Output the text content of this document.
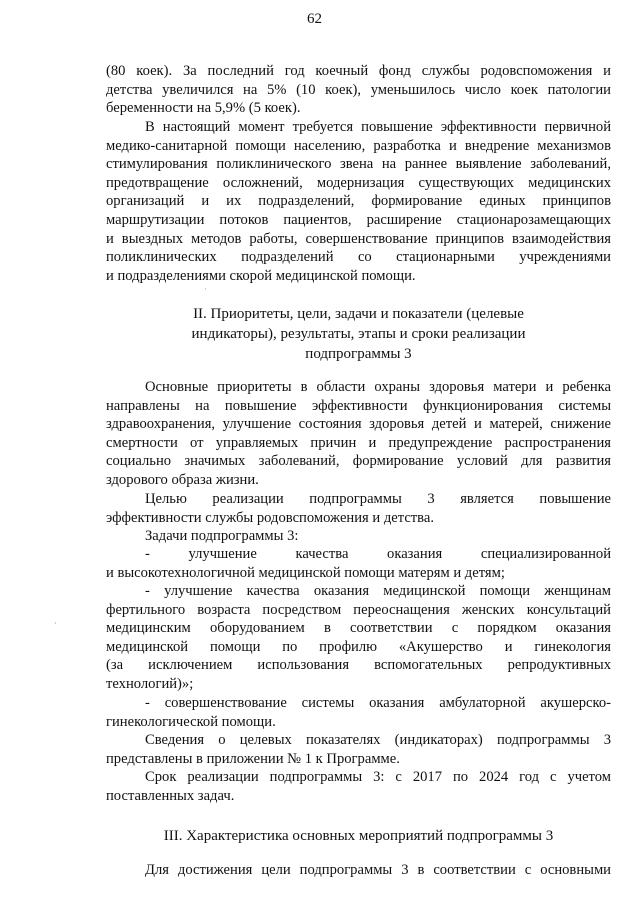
62

(80 коек). За последний год коечный фонд службы родовспоможения и

детства увеличился на 5% (10 коек), уменьшилось число коек патологии

беременности на 5,9% (5 коек).

В настоящий момент требуется повышение эффективности первичной

медико-санитарной помощи населению, разработка и внедрение механизмов

стимулирования поликлинического звена на раннее выявление заболеваний,

предотвращение осложнений, модернизация существующих медицинских

организаций и их подразделений, формирование единых принципов

маршрутизации потоков пациентов, расширение стационарозамещающих

и выездных методов работы, совершенствование принципов взаимодействия

поликлинических подразделений со стационарными учреждениями

и подразделениями скорой медицинской помощи.

II. Приоритеты, цели, задачи и показатели (целевые
индикаторы), результаты, этапы и сроки реализации
подпрограммы 3

Основные приоритеты в области охраны здоровья матери и ребенка

направлены на повышение эффективности функционирования системы

здравоохранения, улучшение состояния здоровья детей и матерей, снижение

смертности от управляемых причин и предупреждение распространения

социально значимых заболеваний, формирование условий для развития

здорового образа жизни.

Целью реализации подпрограммы 3 является повышение

эффективности службы родовспоможения и детства.

Задачи подпрограммы 3:

- улучшение качества оказания специализированной

и высокотехнологичной медицинской помощи матерям и детям;

- улучшение качества оказания медицинской помощи женщинам

фертильного возраста посредством переоснащения женских консультаций

медицинским оборудованием в соответствии с порядком оказания

медицинской помощи по профилю «Акушерство и гинекология

(за исключением использования вспомогательных репродуктивных

технологий)»;

- совершенствование системы оказания амбулаторной акушерско-

гинекологической помощи.

Сведения о целевых показателях (индикаторах) подпрограммы 3

представлены в приложении № 1 к Программе.

Срок реализации подпрограммы 3: с 2017 по 2024 год с учетом

поставленных задач.

III. Характеристика основных мероприятий подпрограммы 3

Для достижения цели подпрограммы 3 в соответствии с основными

·
·
